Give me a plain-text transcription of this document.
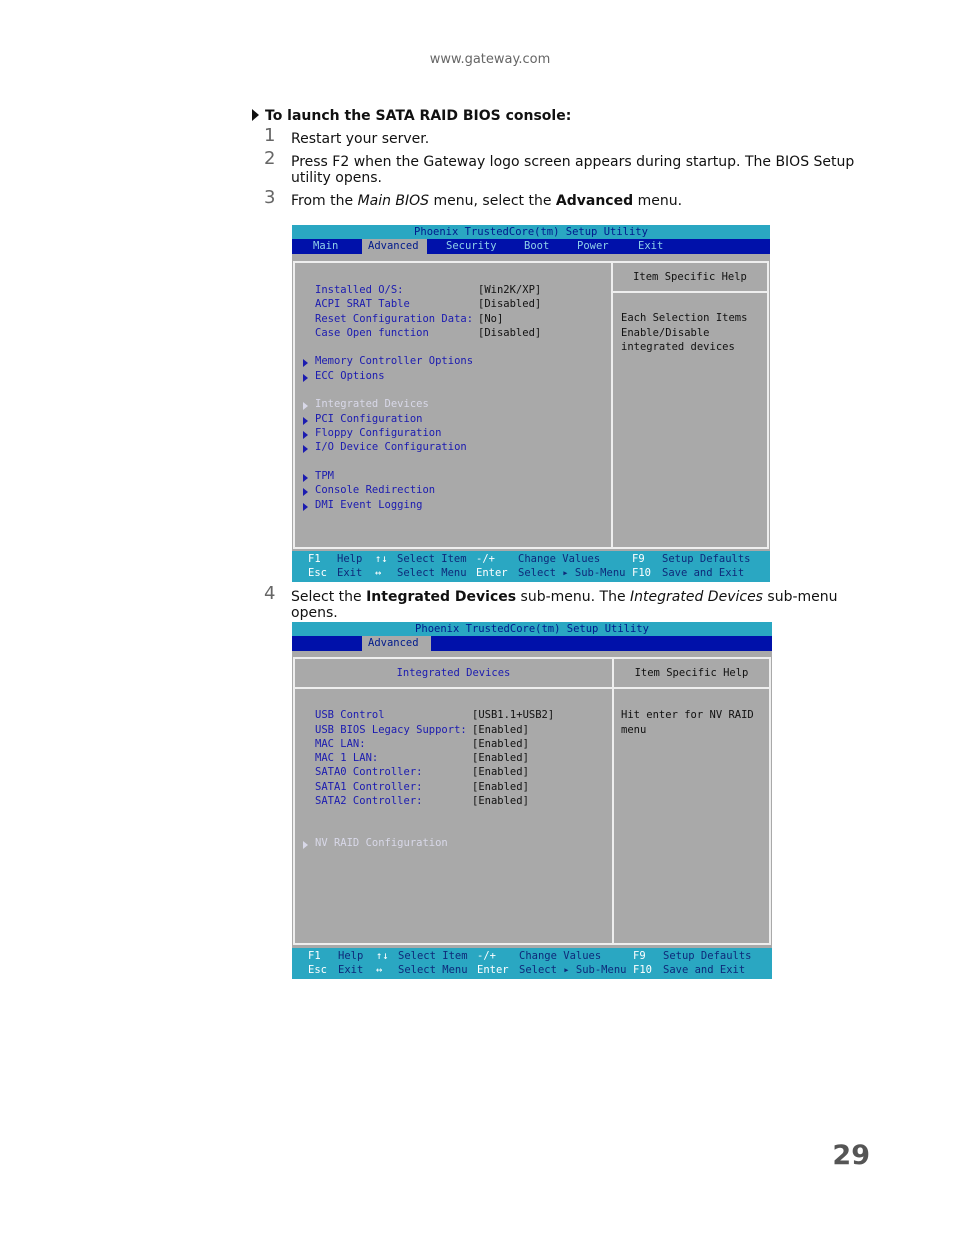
www.gateway.com
To launch the SATA RAID BIOS console:
1 Restart your server.
2 Press F2 when the Gateway logo screen appears during startup. The BIOS Setup utility opens.
3 From the Main BIOS menu, select the Advanced menu.
Phoenix TrustedCore(tm) Setup Utility
Main	Advanced	Security	Boot	Power	Exit
Installed O/S:	[Win2K/XP]
ACPI SRAT Table	[Disabled]
Reset Configuration Data: [No]
Case Open function	[Disabled]
Memory Controller Options
ECC Options
Integrated Devices
PCI Configuration
Floppy Configuration
I/O Device Configuration
TPM
Console Redirection
DMI Event Logging
Item Specific Help
Each Selection Items
Enable/Disable
integrated devices
F1 Help ↑↓ Select Item -/+ Change Values	F9 Setup Defaults
Esc Exit ↔ Select Menu Enter Select ▸ Sub-Menu F10 Save and Exit
4 Select the Integrated Devices sub-menu. The Integrated Devices sub-menu opens.
Phoenix TrustedCore(tm) Setup Utility
Advanced
Integrated Devices
USB Control	[USB1.1+USB2]
USB BIOS Legacy Support: [Enabled]
MAC LAN:	[Enabled]
MAC 1 LAN:	[Enabled]
SATA0 Controller:	[Enabled]
SATA1 Controller:	[Enabled]
SATA2 Controller:	[Enabled]
NV RAID Configuration
Item Specific Help
Hit enter for NV RAID
menu
F1 Help ↑↓ Select Item -/+ Change Values	F9 Setup Defaults
Esc Exit ↔ Select Menu Enter Select ▸ Sub-Menu F10 Save and Exit
29
